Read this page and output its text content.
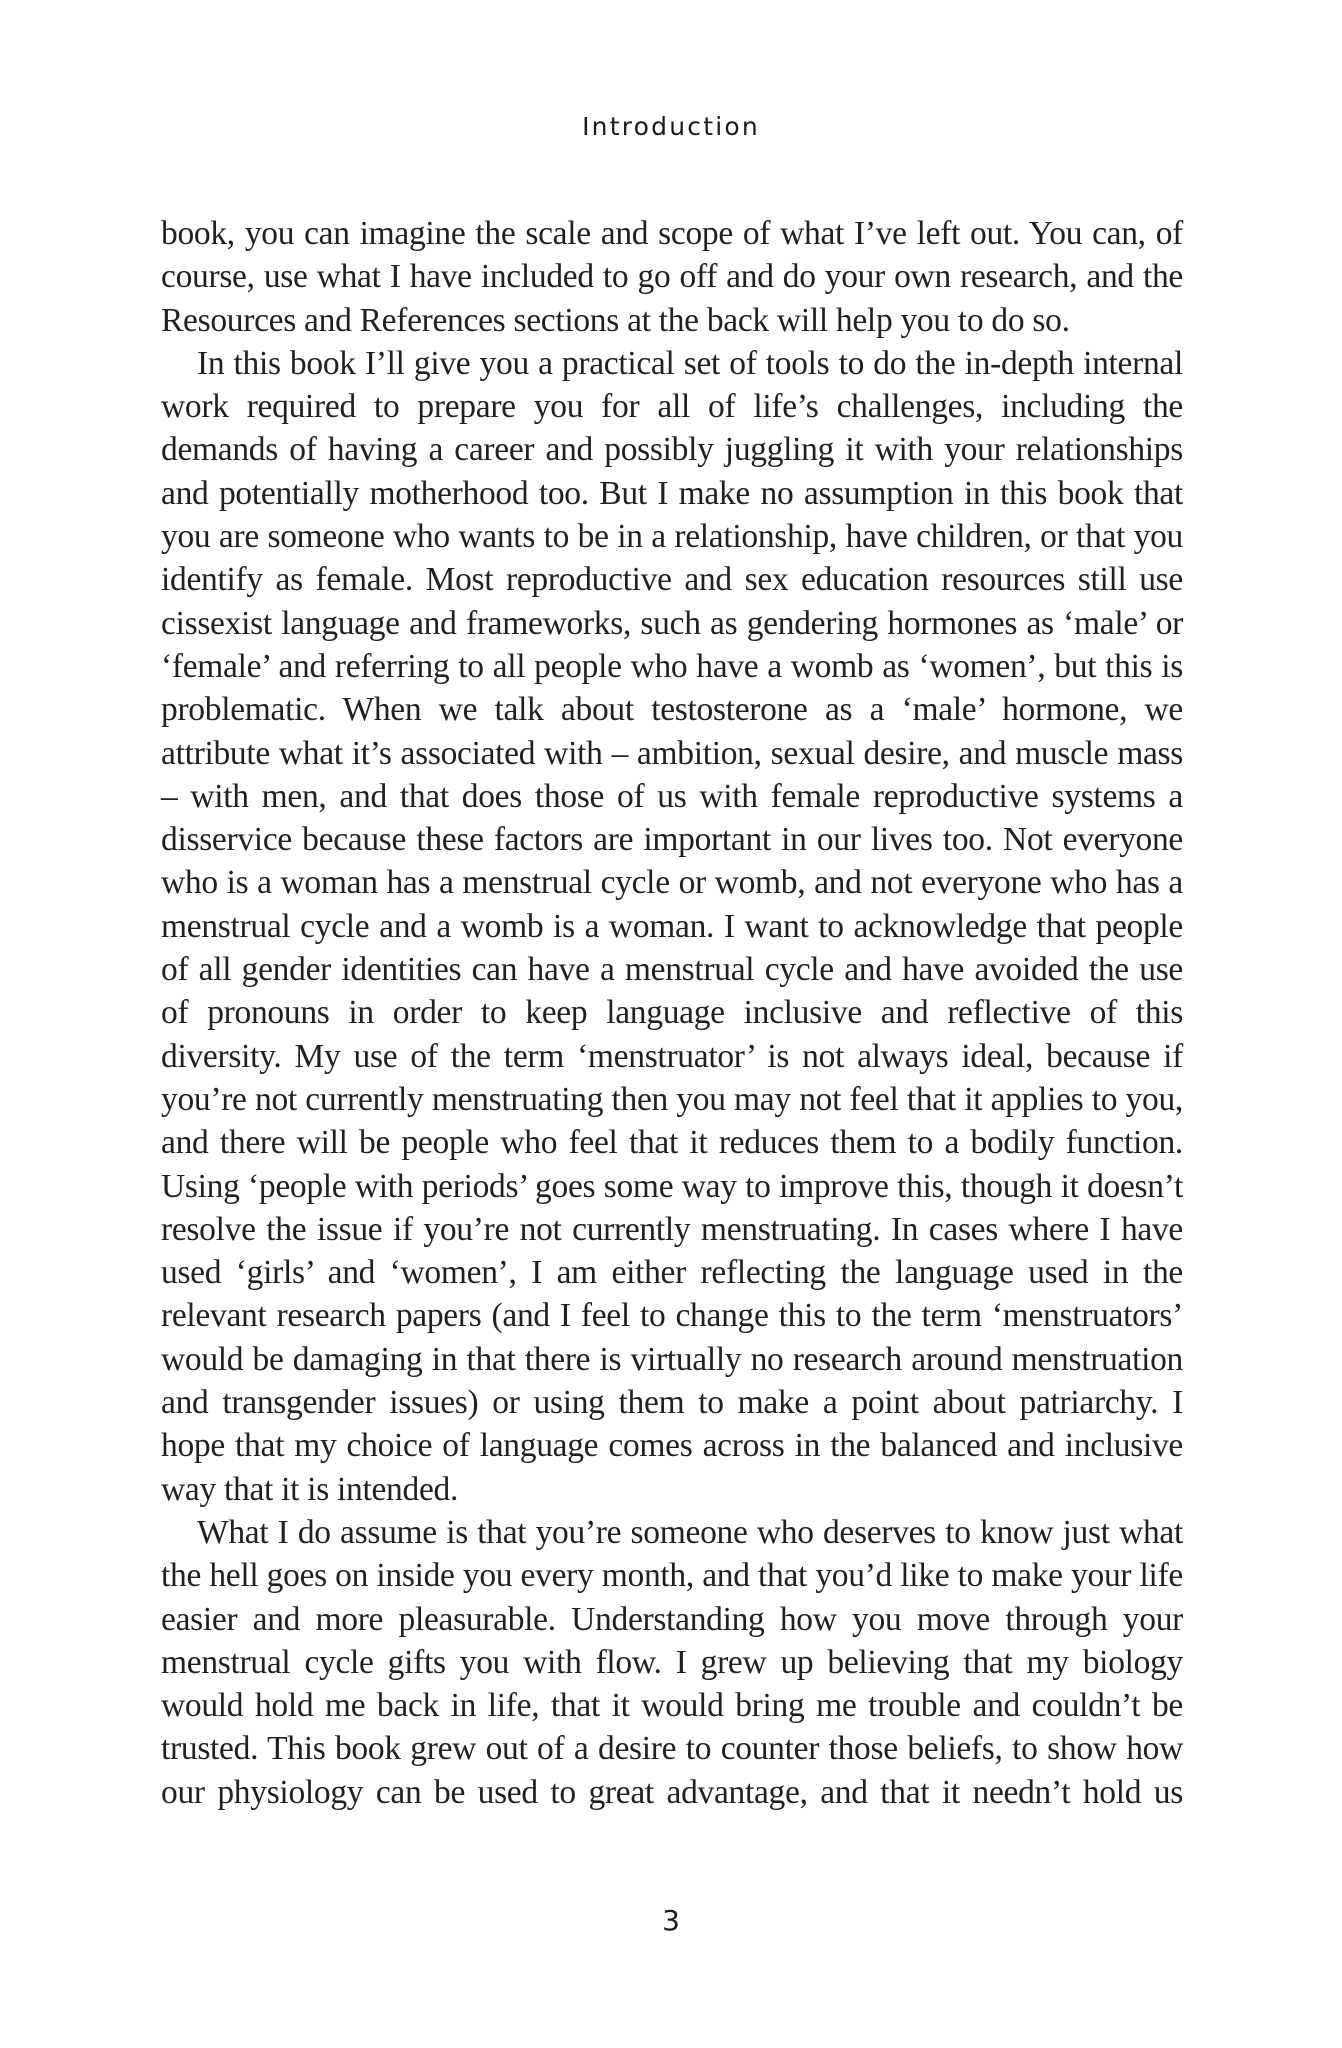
Introduction

book, you can imagine the scale and scope of what I’ve left out. You can, of course, use what I have included to go off and do your own research, and the Resources and References sections at the back will help you to do so.

In this book I’ll give you a practical set of tools to do the in-depth internal work required to prepare you for all of life’s challenges, including the demands of having a career and possibly juggling it with your relationships and potentially motherhood too. But I make no assumption in this book that you are someone who wants to be in a relationship, have children, or that you identify as female. Most reproductive and sex education resources still use cissexist language and frameworks, such as gendering hormones as ‘male’ or ‘female’ and referring to all people who have a womb as ‘women’, but this is problematic. When we talk about testosterone as a ‘male’ hormone, we attribute what it’s associated with – ambition, sexual desire, and muscle mass – with men, and that does those of us with female reproductive systems a disservice because these factors are important in our lives too. Not everyone who is a woman has a menstrual cycle or womb, and not everyone who has a menstrual cycle and a womb is a woman. I want to acknowledge that people of all gender identities can have a menstrual cycle and have avoided the use of pronouns in order to keep language inclusive and reflective of this diversity. My use of the term ‘menstruator’ is not always ideal, because if you’re not currently menstruating then you may not feel that it applies to you, and there will be people who feel that it reduces them to a bodily function. Using ‘people with periods’ goes some way to improve this, though it doesn’t resolve the issue if you’re not currently menstruating. In cases where I have used ‘girls’ and ‘women’, I am either reflecting the language used in the relevant research papers (and I feel to change this to the term ‘menstruators’ would be damaging in that there is virtually no research around menstruation and transgender issues) or using them to make a point about patriarchy. I hope that my choice of language comes across in the balanced and inclusive way that it is intended.

What I do assume is that you’re someone who deserves to know just what the hell goes on inside you every month, and that you’d like to make your life easier and more pleasurable. Understanding how you move through your menstrual cycle gifts you with flow. I grew up believing that my biology would hold me back in life, that it would bring me trouble and couldn’t be trusted. This book grew out of a desire to counter those beliefs, to show how our physiology can be used to great advantage, and that it needn’t hold us

3
